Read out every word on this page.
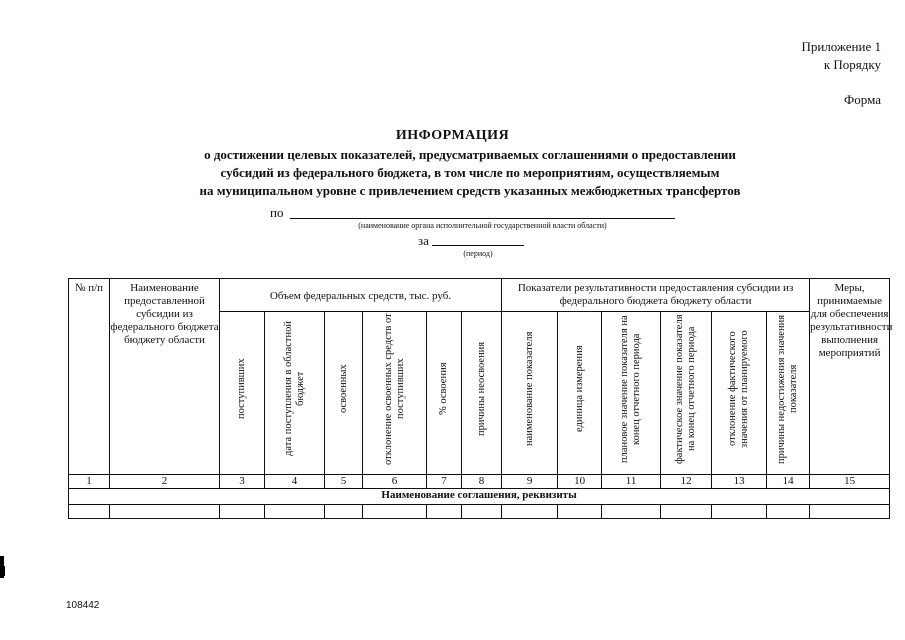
Приложение 1
к Порядку
Форма
ИНФОРМАЦИЯ
о достижении целевых показателей, предусматриваемых соглашениями о предоставлении
субсидий из федерального бюджета, в том числе по мероприятиям, осуществляемым
на муниципальном уровне с привлечением средств указанных межбюджетных трансфертов
по
(наименование органа исполнительной государственной власти области)
за
(период)
№ п/п	Наименование предоставленной субсидии из федерального бюджета бюджету области	Объем федеральных средств, тыс. руб.						Показатели результативности предоставления субсидии из федерального бюджета бюджету области						Меры, принимаемые для обеспечения результативности выполнения мероприятий

		поступивших	дата поступления в областной бюджет	освоенных	отклонение освоенных средств от поступивших	% освоения	причины неосвоения	наименование показателя	единица измерения	плановое значение показателя на конец отчетного периода	фактическое значение показателя на конец отчетного периода	отклонение фактического значения от планируемого	причины недостижения значения показателя	

1	2	3	4	5	6	7	8	9	10	11	12	13	14	15
Наименование соглашения, реквизиты														

108442
